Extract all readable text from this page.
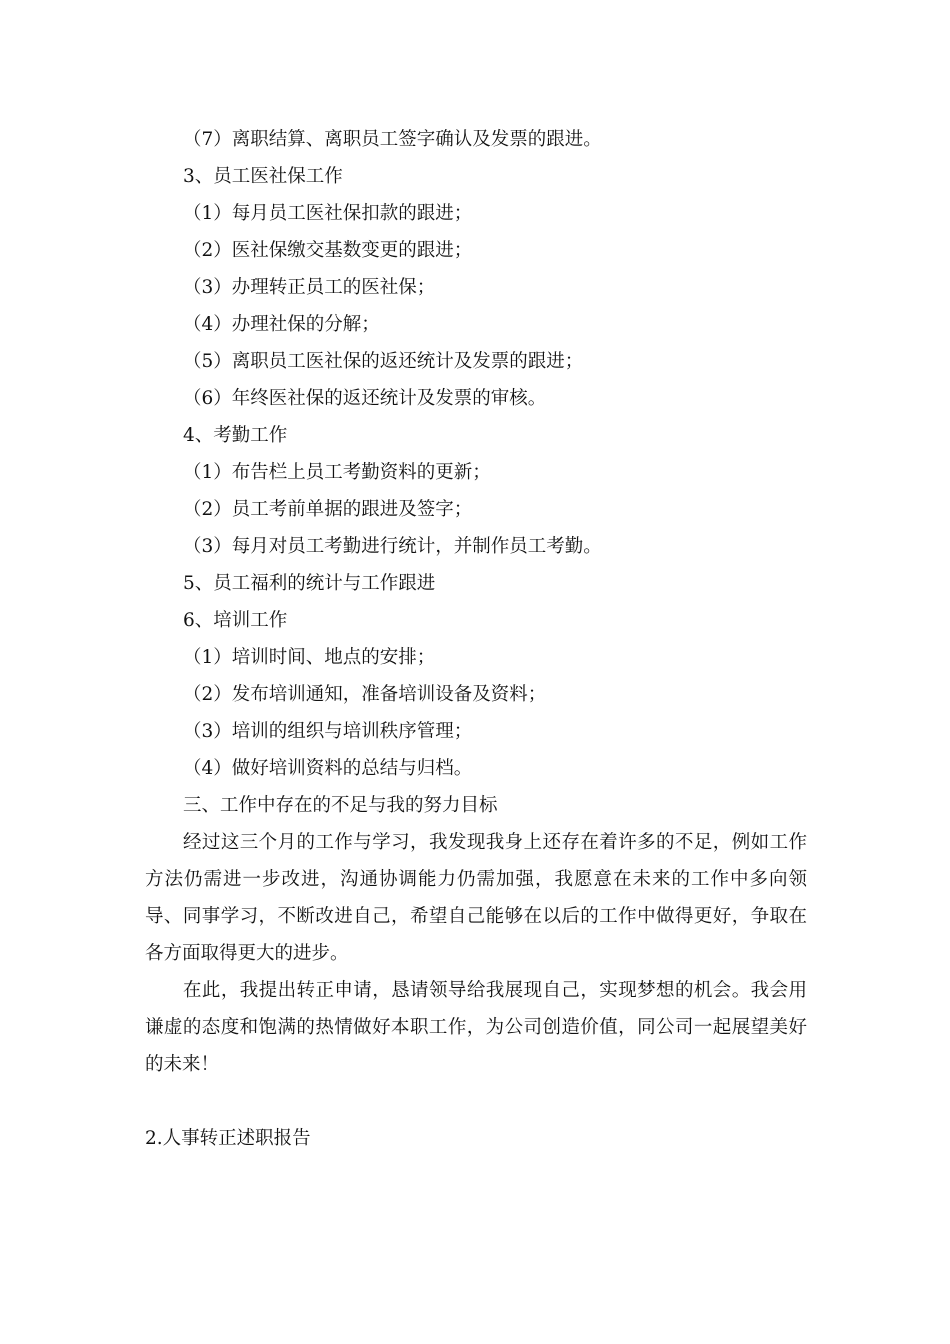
（7）离职结算、离职员工签字确认及发票的跟进。
3、员工医社保工作
（1）每月员工医社保扣款的跟进；
（2）医社保缴交基数变更的跟进；
（3）办理转正员工的医社保；
（4）办理社保的分解；
（5）离职员工医社保的返还统计及发票的跟进；
（6）年终医社保的返还统计及发票的审核。
4、考勤工作
（1）布告栏上员工考勤资料的更新；
（2）员工考前单据的跟进及签字；
（3）每月对员工考勤进行统计，并制作员工考勤。
5、员工福利的统计与工作跟进
6、培训工作
（1）培训时间、地点的安排；
（2）发布培训通知，准备培训设备及资料；
（3）培训的组织与培训秩序管理；
（4）做好培训资料的总结与归档。
三、工作中存在的不足与我的努力目标

经过这三个月的工作与学习，我发现我身上还存在着许多的不足，例如工作方法仍需进一步改进，沟通协调能力仍需加强，我愿意在未来的工作中多向领导、同事学习，不断改进自己，希望自己能够在以后的工作中做得更好，争取在各方面取得更大的进步。

在此，我提出转正申请，恳请领导给我展现自己，实现梦想的机会。我会用谦虚的态度和饱满的热情做好本职工作，为公司创造价值，同公司一起展望美好的未来！

2.人事转正述职报告
